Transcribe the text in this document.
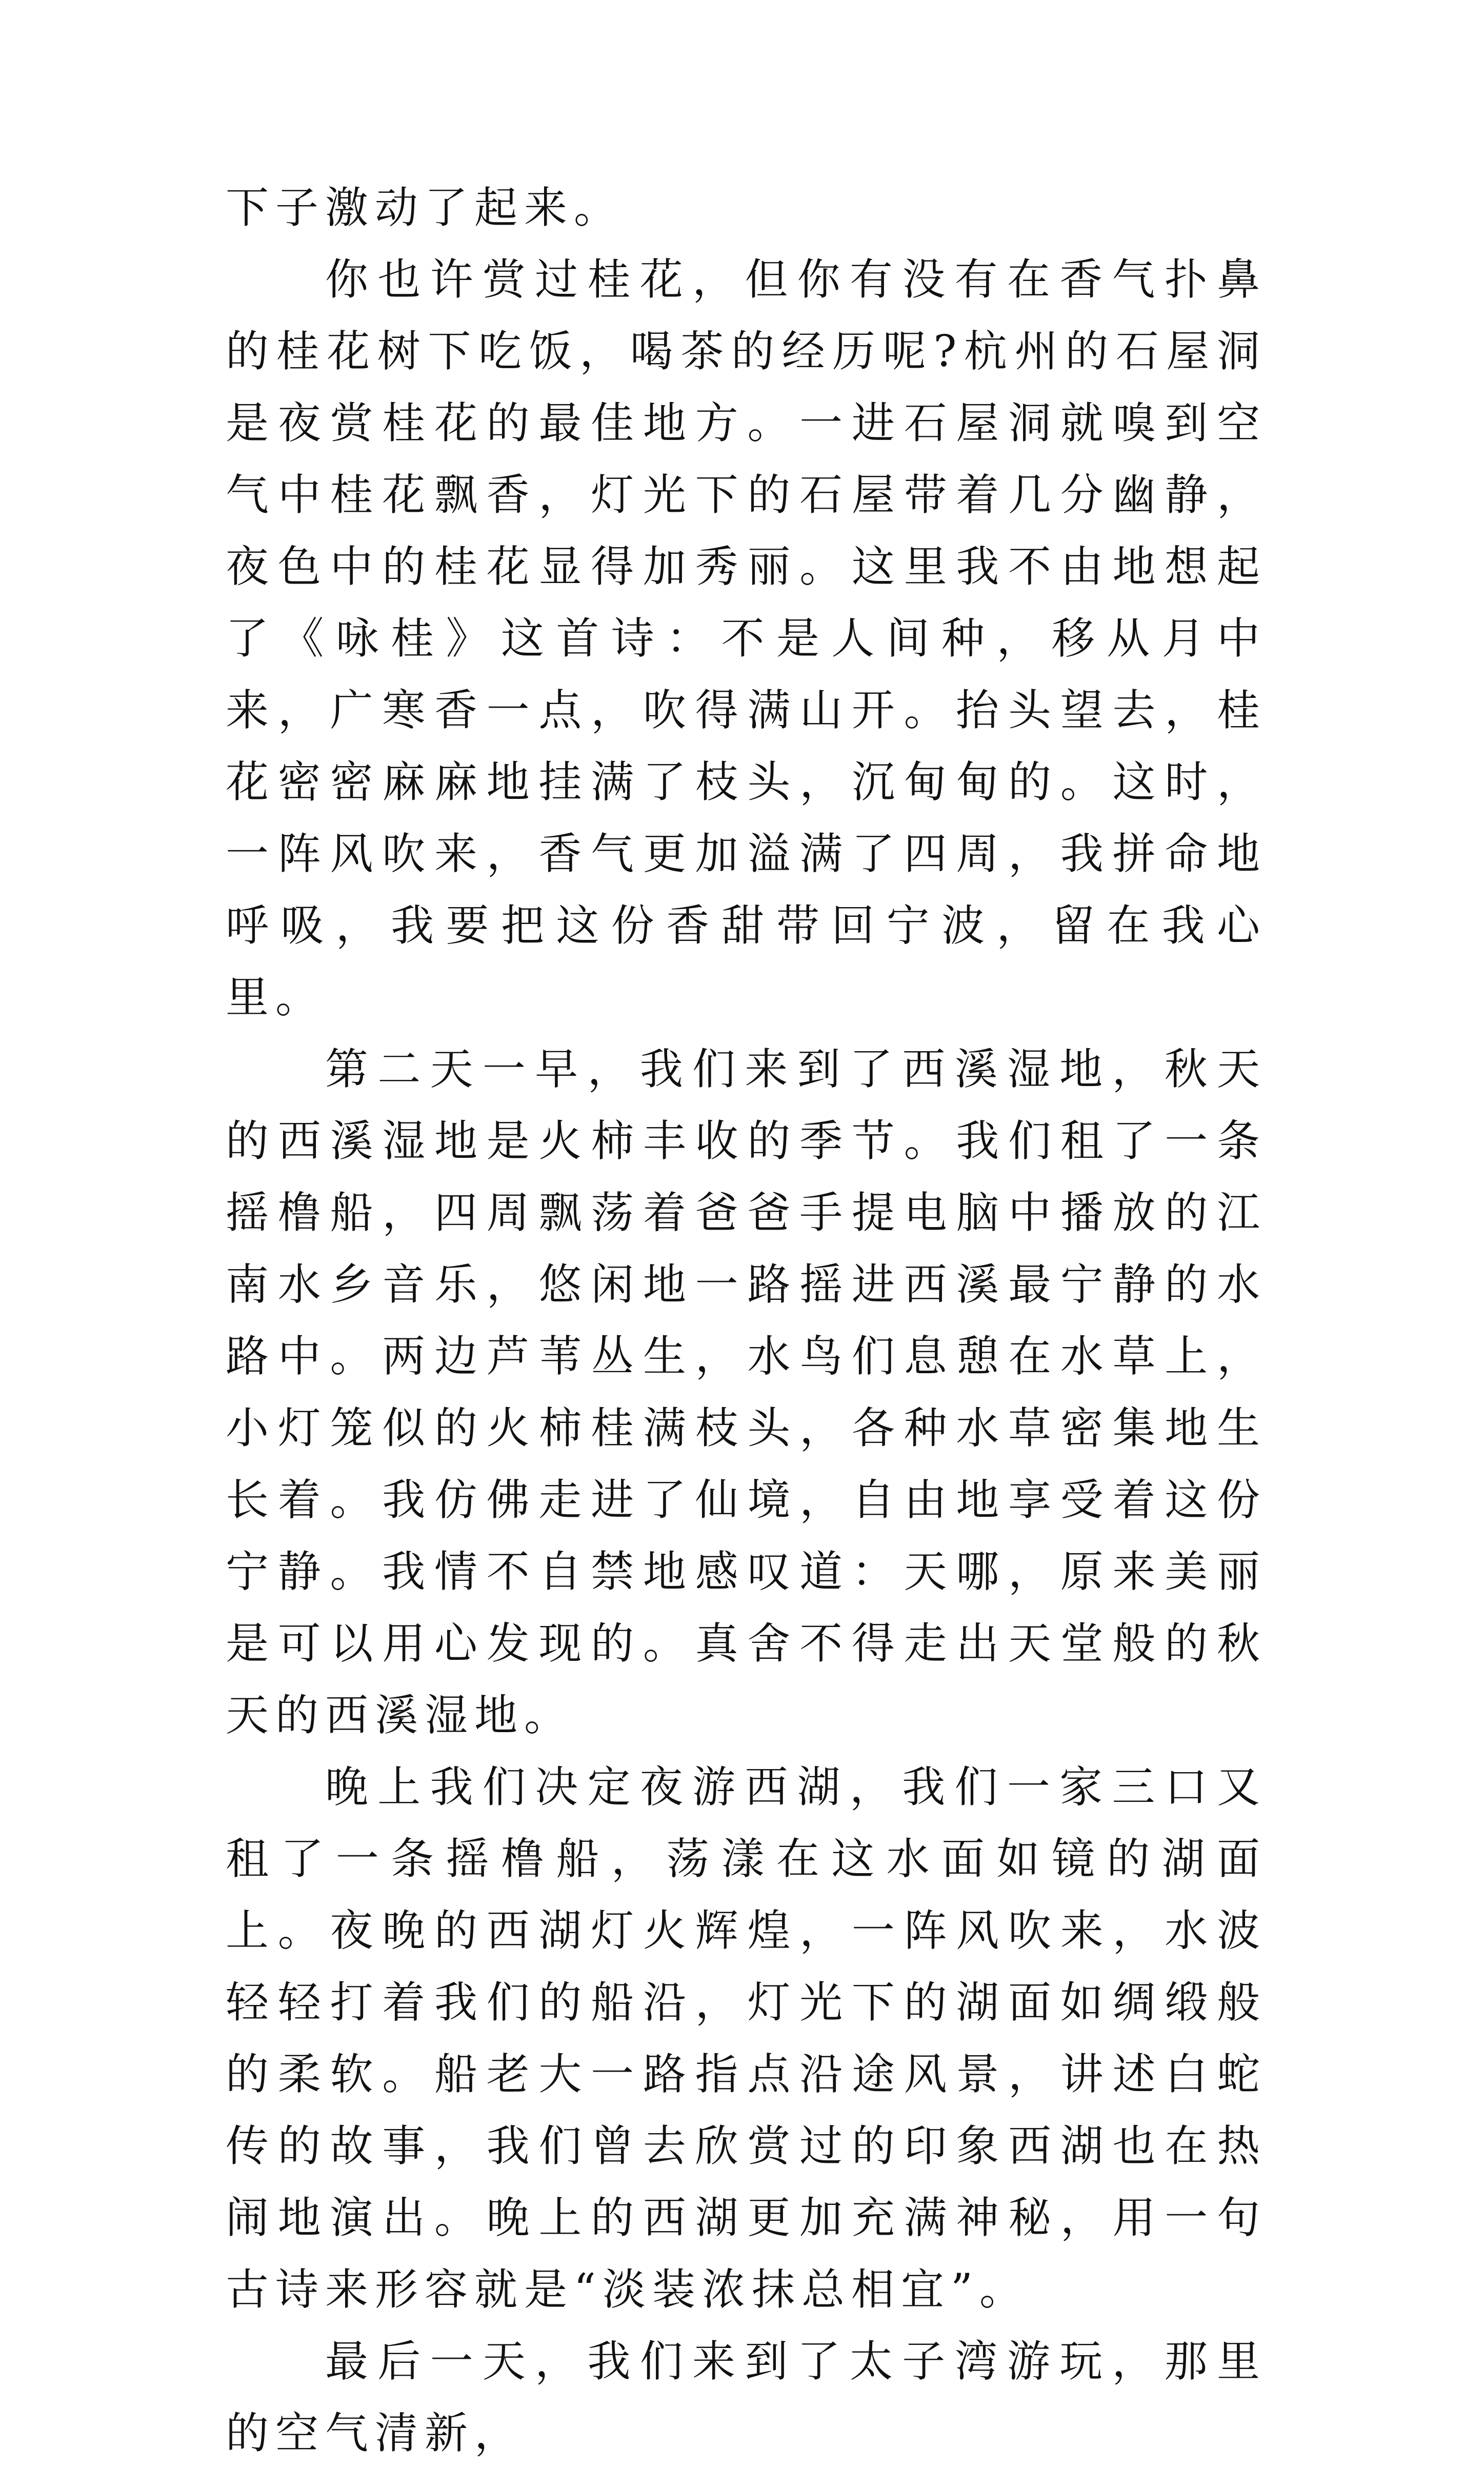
下子激动了起来。

你也许赏过桂花，但你有没有在香气扑鼻的桂花树下吃饭，喝茶的经历呢?杭州的石屋洞是夜赏桂花的最佳地方。一进石屋洞就嗅到空气中桂花飘香，灯光下的石屋带着几分幽静，夜色中的桂花显得加秀丽。这里我不由地想起了《咏桂》这首诗：不是人间种，移从月中来，广寒香一点，吹得满山开。抬头望去，桂花密密麻麻地挂满了枝头，沉甸甸的。这时，一阵风吹来，香气更加溢满了四周，我拼命地呼吸，我要把这份香甜带回宁波，留在我心里。

第二天一早，我们来到了西溪湿地，秋天的西溪湿地是火柿丰收的季节。我们租了一条摇橹船，四周飘荡着爸爸手提电脑中播放的江南水乡音乐，悠闲地一路摇进西溪最宁静的水路中。两边芦苇丛生，水鸟们息憩在水草上，小灯笼似的火柿桂满枝头，各种水草密集地生长着。我仿佛走进了仙境，自由地享受着这份宁静。我情不自禁地感叹道：天哪，原来美丽是可以用心发现的。真舍不得走出天堂般的秋天的西溪湿地。

晚上我们决定夜游西湖，我们一家三口又租了一条摇橹船，荡漾在这水面如镜的湖面上。夜晚的西湖灯火辉煌，一阵风吹来，水波轻轻打着我们的船沿，灯光下的湖面如绸缎般的柔软。船老大一路指点沿途风景，讲述白蛇传的故事，我们曾去欣赏过的印象西湖也在热闹地演出。晚上的西湖更加充满神秘，用一句古诗来形容就是“淡装浓抹总相宜”。

最后一天，我们来到了太子湾游玩，那里的空气清新，
